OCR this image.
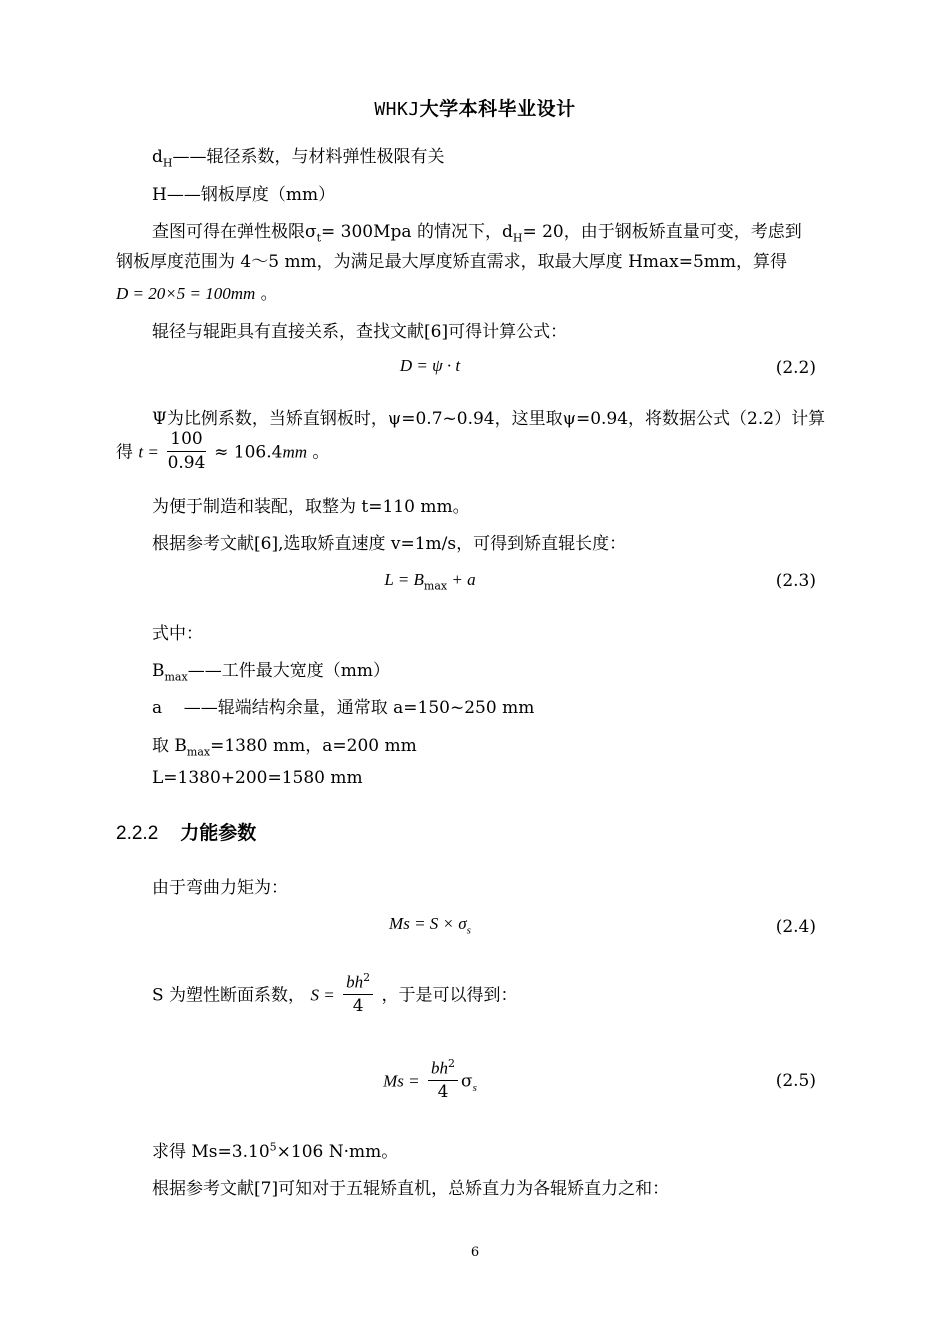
WHKJ大学本科毕业设计
$d_H——$辊径系数，与材料弹性极限有关
H——钢板厚度（mm）
查图可得在弹性极限$\sigma_t= 300Mpa$ 的情况下，$d_H= 20$，由于钢板矫直量可变，考虑到
钢板厚度范围为 4～5 mm，为满足最大厚度矫直需求，取最大厚度 Hmax=5mm，算得
D = 20×5 = 100mm 。
辊径与辊距具有直接关系，查找文献[6]可得计算公式：
D = ψ · t	(2.2)
Ψ为比例系数，当矫直钢板时，ψ=0.7~0.94，这里取ψ=0.94，将数据公式（2.2）计算
得 $t = \frac{100}{0.94} \approx 106.4mm$ 。
为便于制造和装配，取整为 t=110 mm。
根据参考文献[6],选取矫直速度 v=1m/s，可得到矫直辊长度：
$L = B_{max} + a$	(2.3)
式中：
$B_{max}——$工件最大宽度（mm）
a    ——辊端结构余量，通常取 a=150~250 mm
取 $B_{max}=1380$ mm，a=200 mm
L=1380+200=1580 mm
2.2.2 力能参数
由于弯曲力矩为：
$Ms = S \times \sigma_s$	(2.4)
S 为塑性断面系数， $S = \frac{bh^2}{4}$ ，于是可以得到：
$Ms = \frac{bh^2}{4} \sigma_s$	(2.5)
求得 $Ms=3.10^5\times 106$ N·mm。
根据参考文献[7]可知对于五辊矫直机，总矫直力为各辊矫直力之和：
6
